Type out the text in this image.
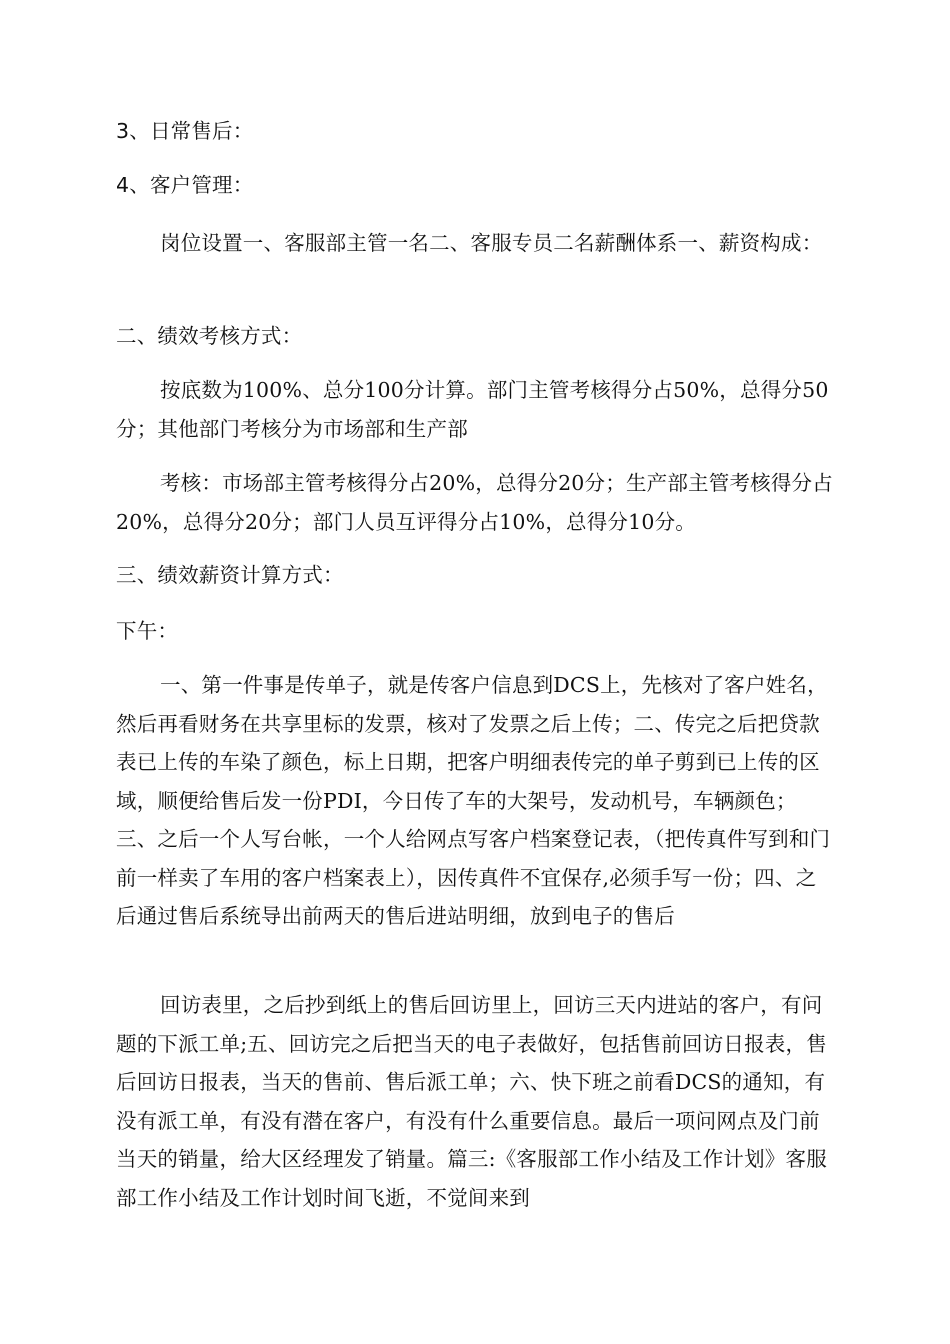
3、日常售后：

4、客户管理：

岗位设置一、客服部主管一名二、客服专员二名薪酬体系一、薪资构成：

二、绩效考核方式：

按底数为100%、总分100分计算。部门主管考核得分占50%，总得分50分；其他部门考核分为市场部和生产部

考核：市场部主管考核得分占20%，总得分20分；生产部主管考核得分占20%，总得分20分；部门人员互评得分占10%，总得分10分。

三、绩效薪资计算方式：

下午：

一、第一件事是传单子，就是传客户信息到DCS上，先核对了客户姓名，然后再看财务在共享里标的发票，核对了发票之后上传；二、传完之后把贷款表已上传的车染了颜色，标上日期，把客户明细表传完的单子剪到已上传的区域，顺便给售后发一份PDI，今日传了车的大架号，发动机号，车辆颜色；三、之后一个人写台帐，一个人给网点写客户档案登记表，（把传真件写到和门前一样卖了车用的客户档案表上），因传真件不宜保存,必须手写一份；四、之后通过售后系统导出前两天的售后进站明细，放到电子的售后

回访表里，之后抄到纸上的售后回访里上，回访三天内进站的客户，有问题的下派工单;五、回访完之后把当天的电子表做好，包括售前回访日报表，售后回访日报表，当天的售前、售后派工单；六、快下班之前看DCS的通知，有没有派工单，有没有潜在客户，有没有什么重要信息。最后一项问网点及门前当天的销量，给大区经理发了销量。篇三:《客服部工作小结及工作计划》客服部工作小结及工作计划时间飞逝，不觉间来到
